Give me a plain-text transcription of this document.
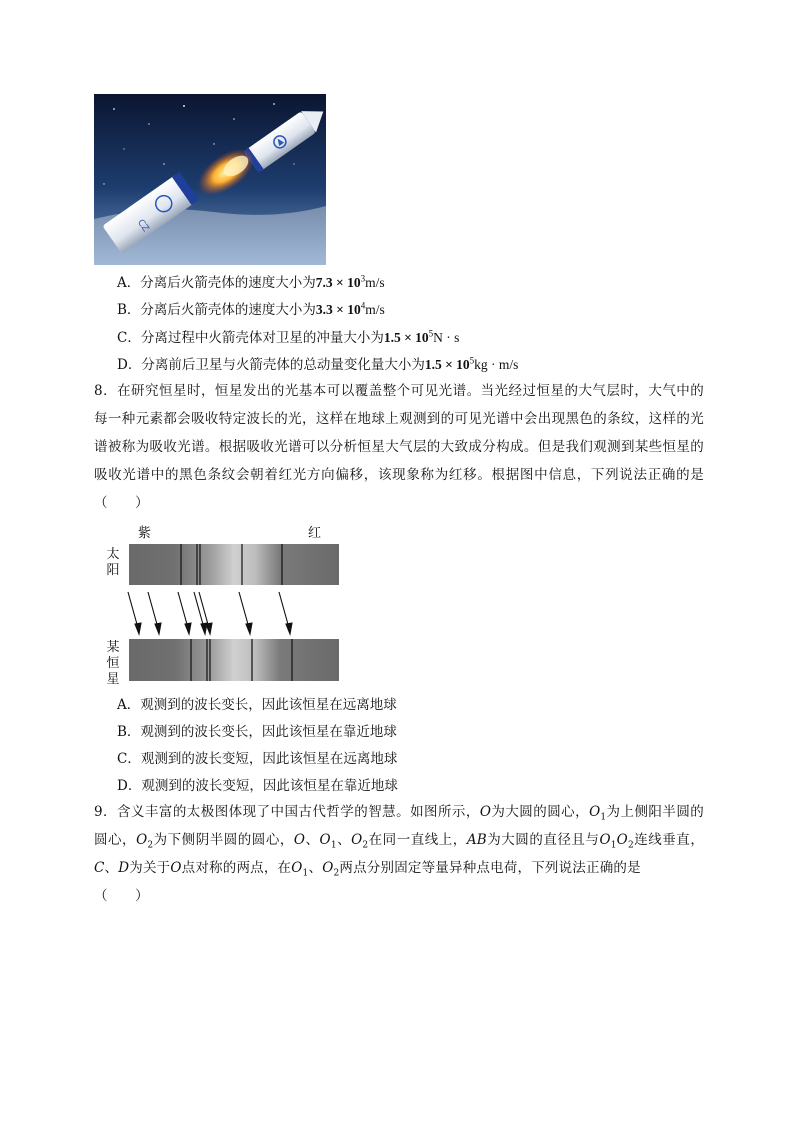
CZ
A．分离后火箭壳体的速度大小为$7.3 \times 10^3m/s$
B．分离后火箭壳体的速度大小为$3.3 \times 10^4m/s$
C．分离过程中火箭壳体对卫星的冲量大小为$1.5 \times 10^5N \cdot s$
D．分离前后卫星与火箭壳体的总动量变化量大小为$1.5 \times 10^5kg \cdot m/s$
8．在研究恒星时，恒星发出的光基本可以覆盖整个可见光谱。当光经过恒星的大气层时，大气中的每一种元素都会吸收特定波长的光，这样在地球上观测到的可见光谱中会出现黑色的条纹，这样的光谱被称为吸收光谱。根据吸收光谱可以分析恒星大气层的大致成分构成。但是我们观测到某些恒星的吸收光谱中的黑色条纹会朝着红光方向偏移，该现象称为红移。根据图中信息，下列说法正确的是（　　）
紫	红
太阳
某恒星
A．观测到的波长变长，因此该恒星在远离地球
B．观测到的波长变长，因此该恒星在靠近地球
C．观测到的波长变短，因此该恒星在远离地球
D．观测到的波长变短，因此该恒星在靠近地球
9．含义丰富的太极图体现了中国古代哲学的智慧。如图所示，O为大圆的圆心，$O_1$为上侧阳半圆的圆心，$O_2$为下侧阴半圆的圆心，O、$O_1$、$O_2$在同一直线上，AB为大圆的直径且与$O_1O_2$连线垂直，C、D为关于O点对称的两点，在$O_1$、$O_2$两点分别固定等量异种点电荷，下列说法正确的是
（　　）
